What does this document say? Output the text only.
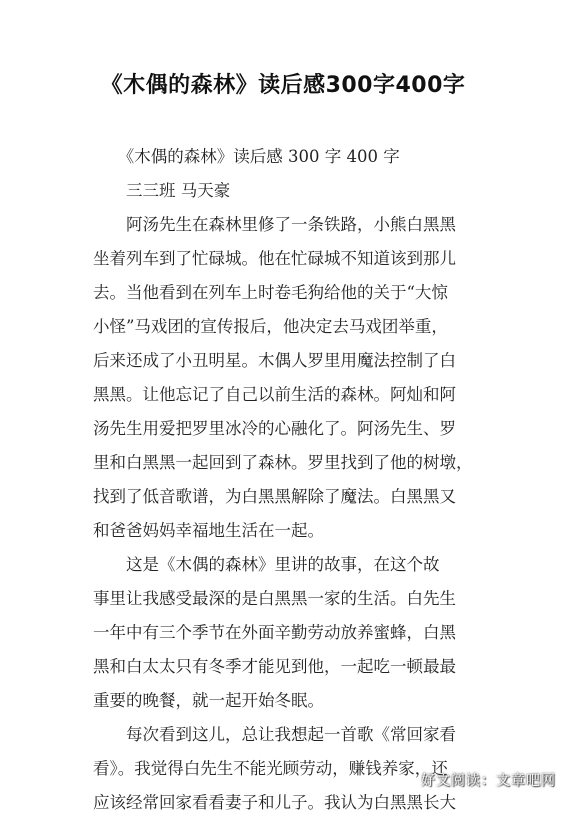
《木偶的森林》读后感300字400字
　　《木偶的森林》读后感 300 字 400 字
　　三三班 马天豪
　　阿汤先生在森林里修了一条铁路，小熊白黑黑
坐着列车到了忙碌城。他在忙碌城不知道该到那儿
去。当他看到在列车上时卷毛狗给他的关于“大惊
小怪”马戏团的宣传报后，他决定去马戏团举重，
后来还成了小丑明星。木偶人罗里用魔法控制了白
黑黑。让他忘记了自己以前生活的森林。阿灿和阿
汤先生用爱把罗里冰冷的心融化了。阿汤先生、罗
里和白黑黑一起回到了森林。罗里找到了他的树墩，
找到了低音歌谱，为白黑黑解除了魔法。白黑黑又
和爸爸妈妈幸福地生活在一起。
　　这是《木偶的森林》里讲的故事，在这个故
事里让我感受最深的是白黑黑一家的生活。白先生
一年中有三个季节在外面辛勤劳动放养蜜蜂，白黑
黑和白太太只有冬季才能见到他，一起吃一顿最最
重要的晚餐，就一起开始冬眠。
　　每次看到这儿，总让我想起一首歌《常回家看
看》。我觉得白先生不能光顾劳动，赚钱养家，还
应该经常回家看看妻子和儿子。我认为白黑黑长大
好文阅读：文章吧网
